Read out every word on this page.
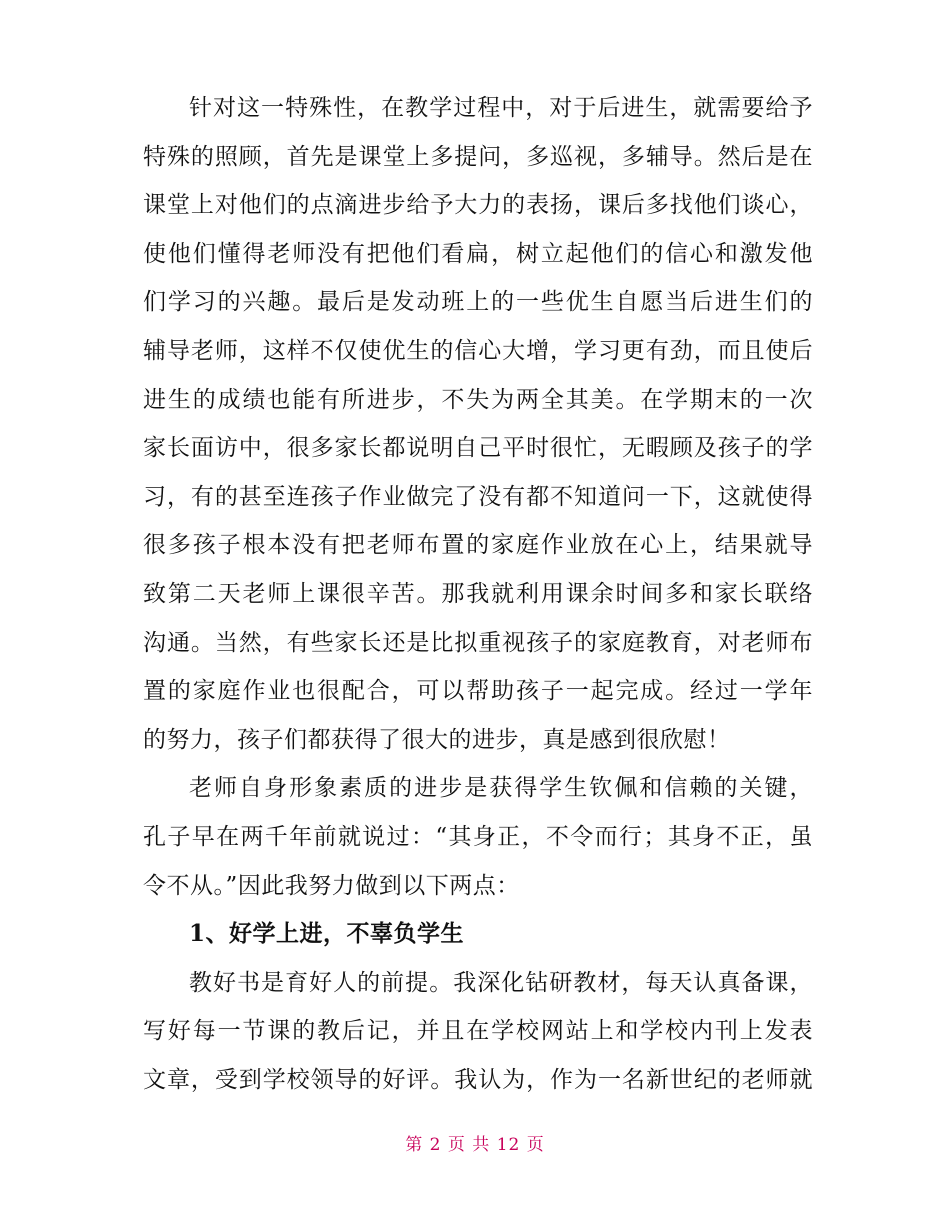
针对这一特殊性，在教学过程中，对于后进生，就需要给予
特殊的照顾，首先是课堂上多提问，多巡视，多辅导。然后是在
课堂上对他们的点滴进步给予大力的表扬，课后多找他们谈心，
使他们懂得老师没有把他们看扁，树立起他们的信心和激发他
们学习的兴趣。最后是发动班上的一些优生自愿当后进生们的
辅导老师，这样不仅使优生的信心大增，学习更有劲，而且使后
进生的成绩也能有所进步，不失为两全其美。在学期末的一次
家长面访中，很多家长都说明自己平时很忙，无暇顾及孩子的学
习，有的甚至连孩子作业做完了没有都不知道问一下，这就使得
很多孩子根本没有把老师布置的家庭作业放在心上，结果就导
致第二天老师上课很辛苦。那我就利用课余时间多和家长联络
沟通。当然，有些家长还是比拟重视孩子的家庭教育，对老师布
置的家庭作业也很配合，可以帮助孩子一起完成。经过一学年
的努力，孩子们都获得了很大的进步，真是感到很欣慰！
老师自身形象素质的进步是获得学生钦佩和信赖的关键，
孔子早在两千年前就说过：“其身正，不令而行；其身不正，虽
令不从。”因此我努力做到以下两点：
1、好学上进，不辜负学生
教好书是育好人的前提。我深化钻研教材，每天认真备课，
写好每一节课的教后记，并且在学校网站上和学校内刊上发表
文章，受到学校领导的好评。我认为，作为一名新世纪的老师就
第 2 页 共 12 页
